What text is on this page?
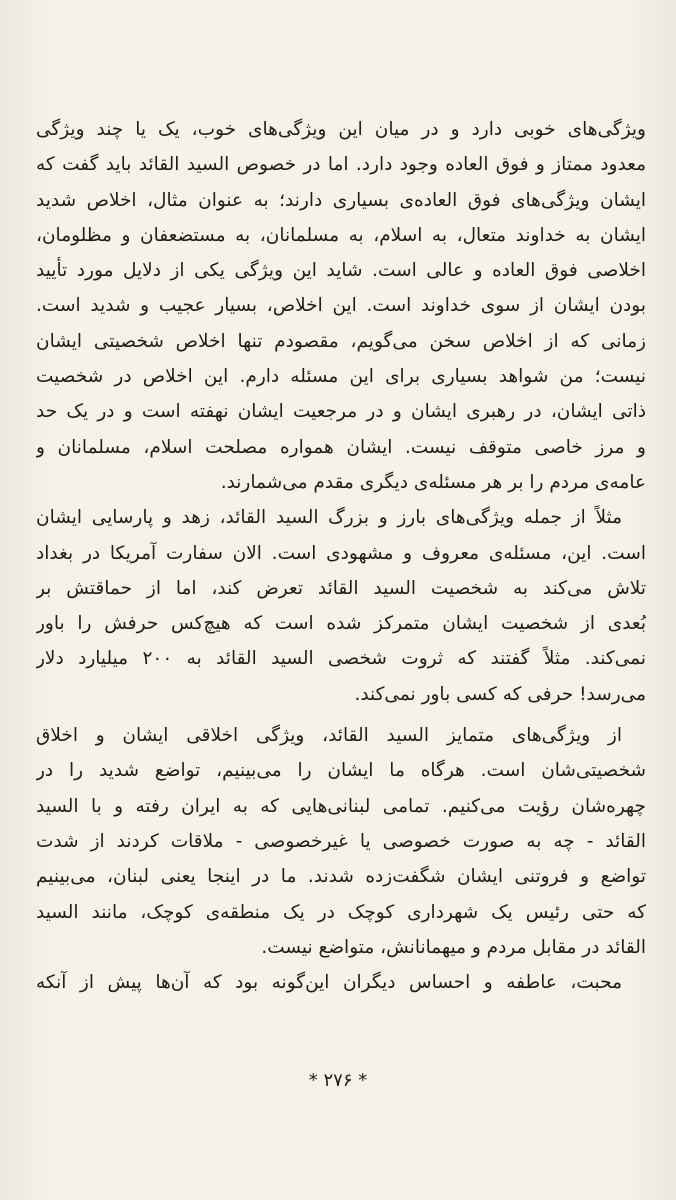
ویژگی‌های خوبی دارد و در میان این ویژگی‌های خوب، یک یا چند ویژگی
معدود ممتاز و فوق العاده وجود دارد. اما در خصوص السید القائد باید گفت که
ایشان ویژگی‌های فوق العاده‌ی بسیاری دارند؛ به عنوان مثال، اخلاص شدید
ایشان به خداوند متعال، به اسلام، به مسلمانان، به مستضعفان و مظلومان،
اخلاصی فوق العاده و عالی است. شاید این ویژگی یکی از دلایل مورد تأیید
بودن ایشان از سوی خداوند است. این اخلاص، بسیار عجیب و شدید است.
زمانی که از اخلاص سخن می‌گویم، مقصودم تنها اخلاص شخصیتی ایشان
نیست؛ من شواهد بسیاری برای این مسئله دارم. این اخلاص در شخصیت
ذاتی ایشان، در رهبری ایشان و در مرجعیت ایشان نهفته است و در یک حد
و مرز خاصی متوقف نیست. ایشان همواره مصلحت اسلام، مسلمانان و
عامه‌ی مردم را بر هر مسئله‌ی دیگری مقدم می‌شمارند.
مثلاً از جمله ویژگی‌های بارز و بزرگ السید القائد، زهد و پارسایی ایشان
است. این، مسئله‌ی معروف و مشهودی است. الان سفارت آمریکا در بغداد
تلاش می‌کند به شخصیت السید القائد تعرض کند، اما از حماقتش بر
بُعدی از شخصیت ایشان متمرکز شده است که هیچ‌کس حرفش را باور
نمی‌کند. مثلاً گفتند که ثروت شخصی السید القائد به ۲۰۰ میلیارد دلار
می‌رسد! حرفی که کسی باور نمی‌کند.
از ویژگی‌های متمایز السید القائد، ویژگی اخلاقی ایشان و اخلاق
شخصیتی‌شان است. هرگاه ما ایشان را می‌بینیم، تواضع شدید را در
چهره‌شان رؤیت می‌کنیم. تمامی لبنانی‌هایی که به ایران رفته و با السید
القائد - چه به صورت خصوصی یا غیرخصوصی - ملاقات کردند از شدت
تواضع و فروتنی ایشان شگفت‌زده شدند. ما در اینجا یعنی لبنان، می‌بینیم
که حتی رئیس یک شهرداری کوچک در یک منطقه‌ی کوچک، مانند السید
القائد در مقابل مردم و میهمانانش، متواضع نیست.
محبت، عاطفه و احساس دیگران این‌گونه بود که آن‌ها پیش از آنکه
* ۲۷۶ *
